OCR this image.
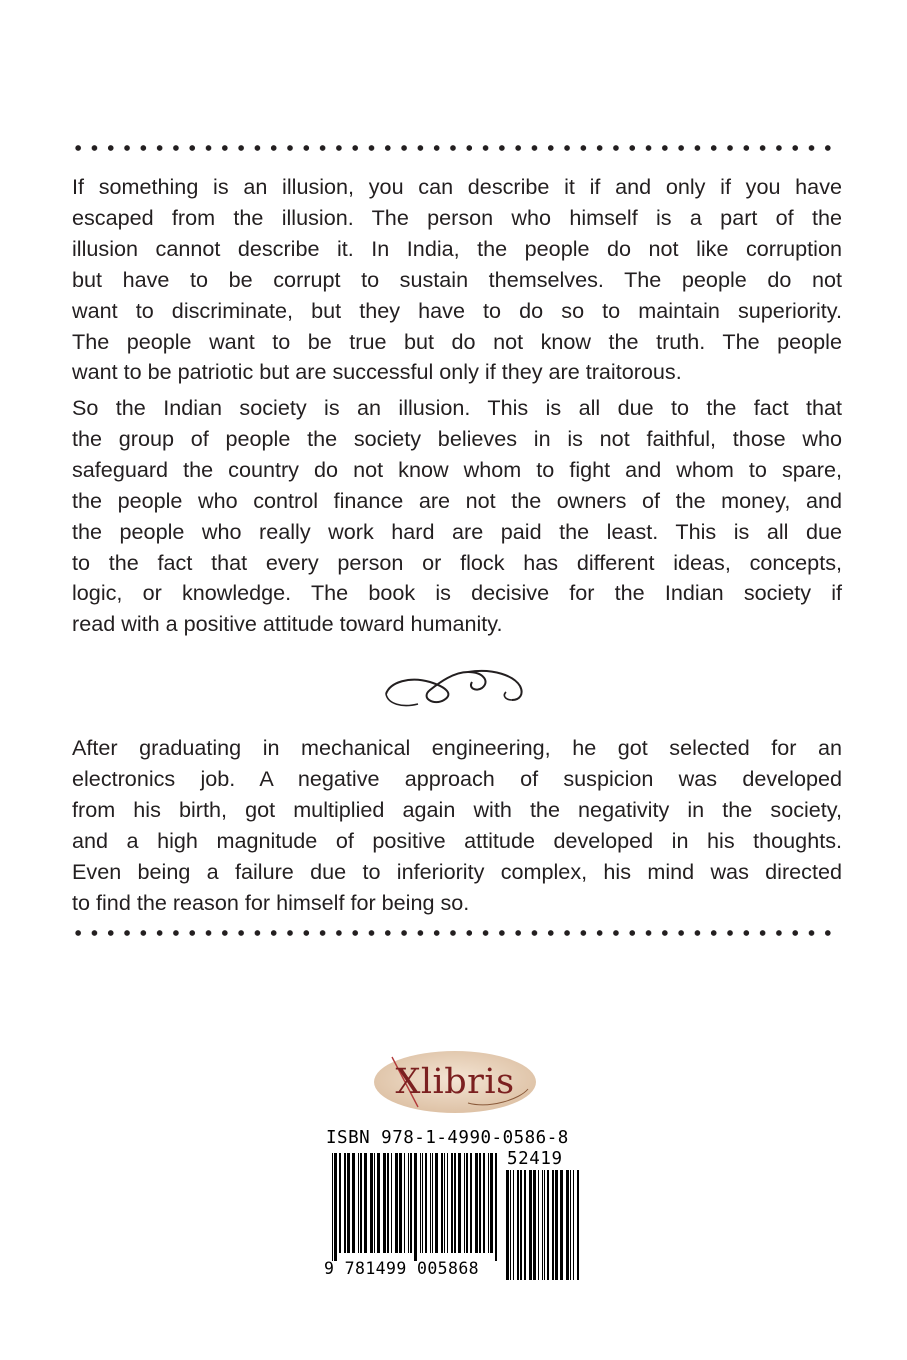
If something is an illusion, you can describe it if and only if you have
escaped from the illusion. The person who himself is a part of the
illusion cannot describe it. In India, the people do not like corruption
but have to be corrupt to sustain themselves. The people do not
want to discriminate, but they have to do so to maintain superiority.
The people want to be true but do not know the truth. The people
want to be patriotic but are successful only if they are traitorous.

So the Indian society is an illusion. This is all due to the fact that
the group of people the society believes in is not faithful, those who
safeguard the country do not know whom to fight and whom to spare,
the people who control finance are not the owners of the money, and
the people who really work hard are paid the least. This is all due
to the fact that every person or flock has different ideas, concepts,
logic, or knowledge. The book is decisive for the Indian society if
read with a positive attitude toward humanity.

After graduating in mechanical engineering, he got selected for an
electronics job. A negative approach of suspicion was developed
from his birth, got multiplied again with the negativity in the society,
and a high magnitude of positive attitude developed in his thoughts.
Even being a failure due to inferiority complex, his mind was directed
to find the reason for himself for being so.

Xlibris
ISBN 978-1-4990-0586-8
52419
9 781499 005868
